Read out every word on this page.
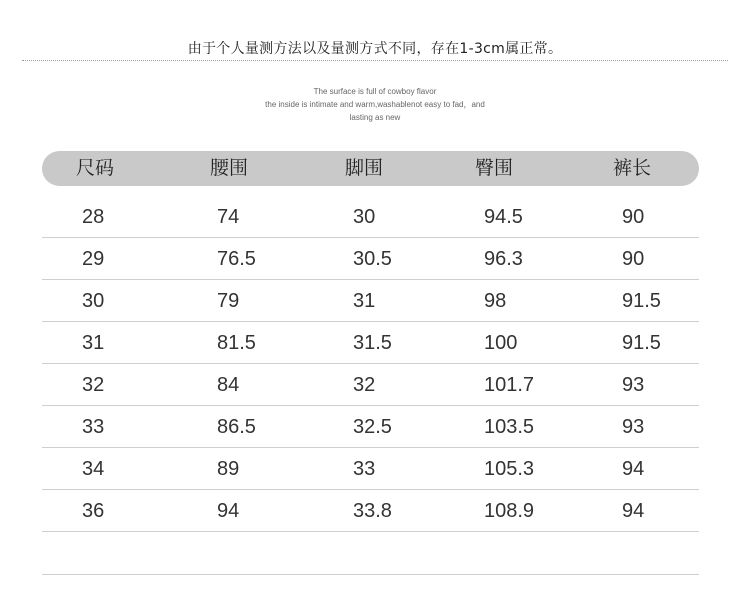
由于个人量测方法以及量测方式不同，存在1-3cm属正常。
The surface is full of cowboy flavor
the inside is intimate and warm,washablenot easy to fad，and
lasting as new
尺码	腰围	脚围	臀围	裤长
28	74	30	94.5	90
29	76.5	30.5	96.3	90
30	79	31	98	91.5
31	81.5	31.5	100	91.5
32	84	32	101.7	93
33	86.5	32.5	103.5	93
34	89	33	105.3	94
36	94	33.8	108.9	94
